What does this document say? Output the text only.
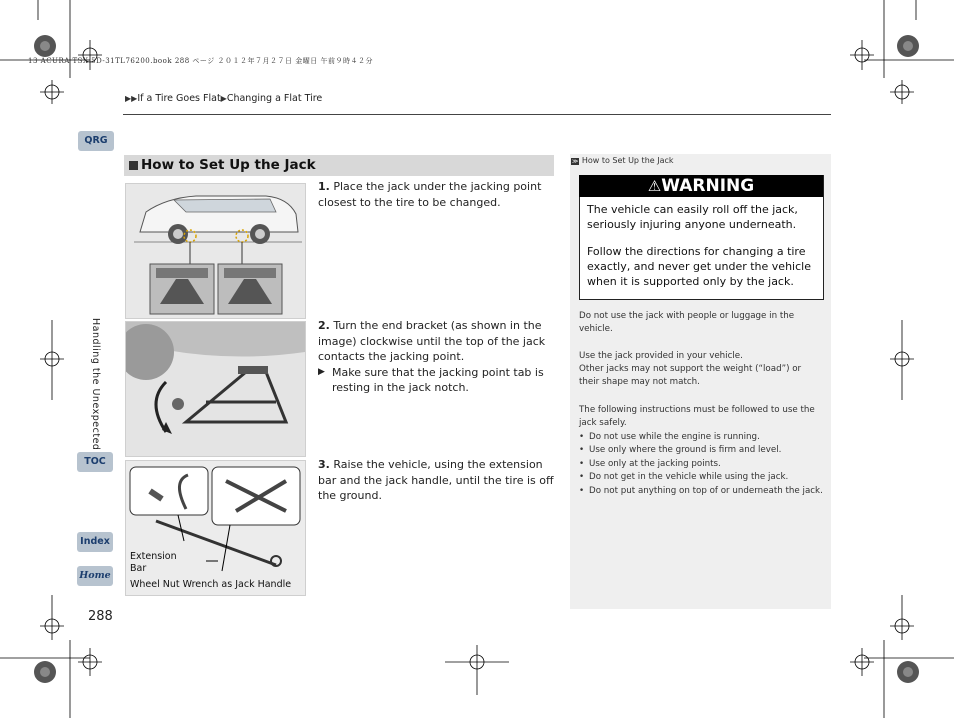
13 ACURA TSX 5D-31TL76200.book 288 ページ ２０１２年７月２７日 金曜日 午前９時４２分
▶▶If a Tire Goes Flat▶Changing a Flat Tire
QRG
Handling the Unexpected
TOC
Index
Home
288
How to Set Up the Jack
1. Place the jack under the jacking point closest to the tire to be changed.
2. Turn the end bracket (as shown in the image) clockwise until the top of the jack contacts the jacking point.
▶ Make sure that the jacking point tab is resting in the jack notch.
Extension
Bar
Wheel Nut Wrench as Jack Handle
3. Raise the vehicle, using the extension bar and the jack handle, until the tire is off the ground.
≫ How to Set Up the Jack
⚠WARNING
The vehicle can easily roll off the jack, seriously injuring anyone underneath.
Follow the directions for changing a tire exactly, and never get under the vehicle when it is supported only by the jack.
Do not use the jack with people or luggage in the vehicle.
Use the jack provided in your vehicle.
Other jacks may not support the weight (“load”) or their shape may not match.
The following instructions must be followed to use the jack safely.
• Do not use while the engine is running.
• Use only where the ground is firm and level.
• Use only at the jacking points.
• Do not get in the vehicle while using the jack.
• Do not put anything on top of or underneath the jack.
